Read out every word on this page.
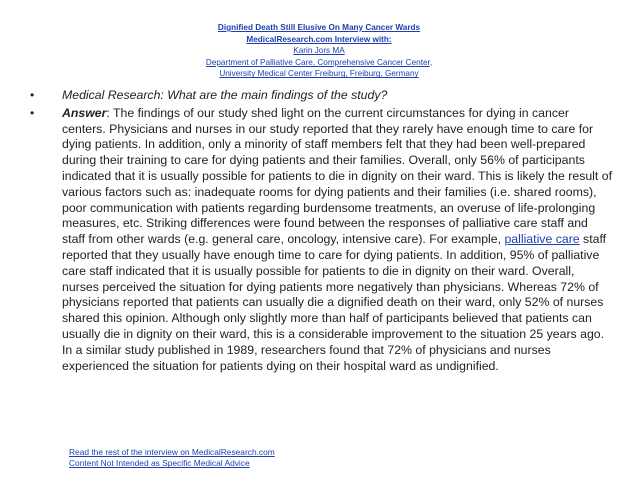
Dignified Death Still Elusive On Many Cancer Wards
MedicalResearch.com Interview with:
Karin Jors MA
Department of Palliative Care, Comprehensive Cancer Center,
University Medical Center Freiburg, Freiburg, Germany
•	Medical Research: What are the main findings of the study?
•	Answer: The findings of our study shed light on the current circumstances for dying in cancer centers. Physicians and nurses in our study reported that they rarely have enough time to care for dying patients. In addition, only a minority of staff members felt that they had been well-prepared during their training to care for dying patients and their families. Overall, only 56% of participants indicated that it is usually possible for patients to die in dignity on their ward. This is likely the result of various factors such as: inadequate rooms for dying patients and their families (i.e. shared rooms), poor communication with patients regarding burdensome treatments, an overuse of life-prolonging measures, etc. Striking differences were found between the responses of palliative care staff and staff from other wards (e.g. general care, oncology, intensive care). For example, palliative care staff reported that they usually have enough time to care for dying patients. In addition, 95% of palliative care staff indicated that it is usually possible for patients to die in dignity on their ward. Overall, nurses perceived the situation for dying patients more negatively than physicians. Whereas 72% of physicians reported that patients can usually die a dignified death on their ward, only 52% of nurses shared this opinion. Although only slightly more than half of participants believed that patients can usually die in dignity on their ward, this is a considerable improvement to the situation 25 years ago. In a similar study published in 1989, researchers found that 72% of physicians and nurses experienced the situation for patients dying on their hospital ward as undignified.
Read the rest of the interview on MedicalResearch.com
Content Not Intended as Specific Medical Advice
